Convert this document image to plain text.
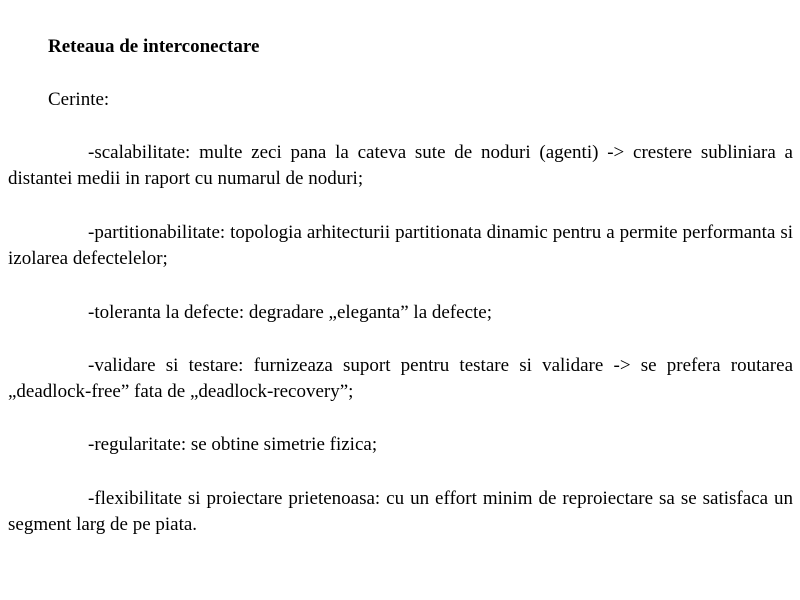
Reteaua de interconectare
Cerinte:

-scalabilitate: multe zeci pana la cateva sute de noduri (agenti) -> crestere subliniara a distantei medii in raport cu numarul de noduri;

-partitionabilitate: topologia arhitecturii partitionata dinamic pentru a permite performanta si izolarea defectelelor;

-toleranta la defecte: degradare „eleganta” la defecte;

-validare si testare: furnizeaza suport pentru testare si validare -> se prefera routarea „deadlock-free” fata de „deadlock-recovery”;

-regularitate: se obtine simetrie fizica;

-flexibilitate si proiectare prietenoasa: cu un effort minim de reproiectare sa se satisfaca un segment larg de pe piata.
